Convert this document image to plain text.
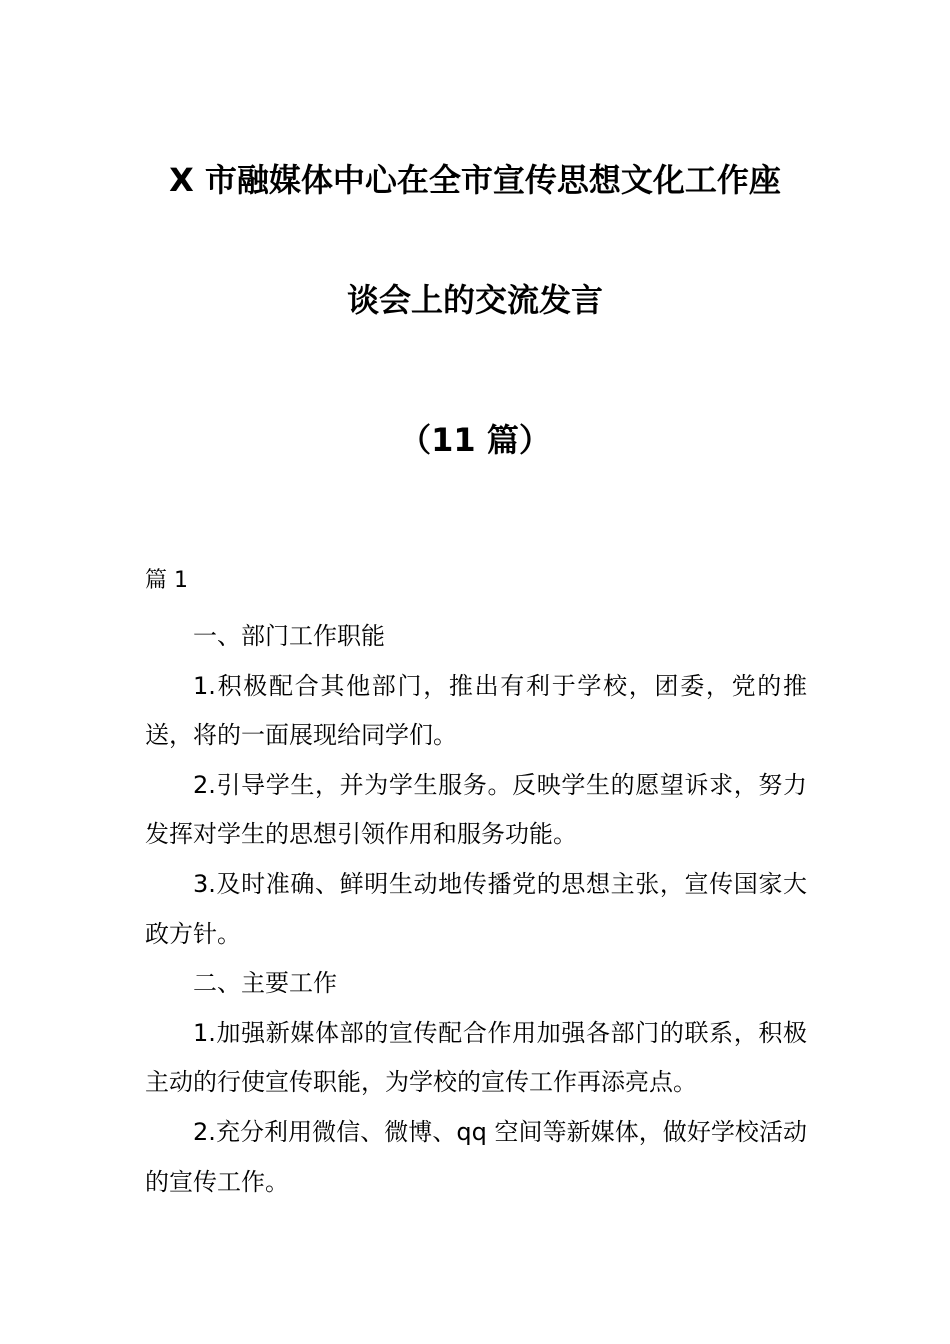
X 市融媒体中心在全市宣传思想文化工作座
谈会上的交流发言
（11 篇）
篇 1

一、部门工作职能

1.积极配合其他部门，推出有利于学校，团委，党的推送，将的一面展现给同学们。

2.引导学生，并为学生服务。反映学生的愿望诉求，努力发挥对学生的思想引领作用和服务功能。

3.及时准确、鲜明生动地传播党的思想主张，宣传国家大政方针。

二、主要工作

1.加强新媒体部的宣传配合作用加强各部门的联系，积极主动的行使宣传职能，为学校的宣传工作再添亮点。

2.充分利用微信、微博、qq 空间等新媒体，做好学校活动的宣传工作。
